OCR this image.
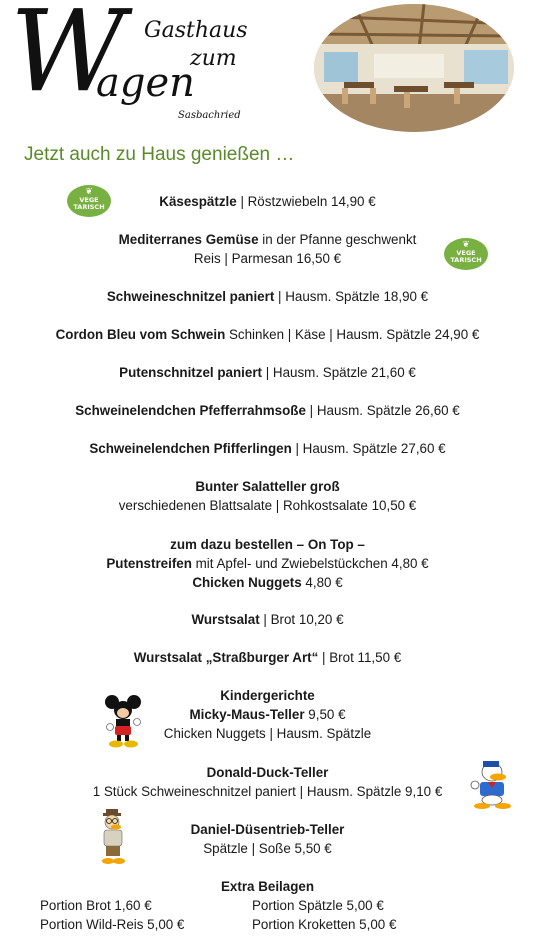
W Gasthaus
zum
agen
Sasbachried
Jetzt auch zu Haus genießen …
❦
VEGE
TARISCH
❦
VEGE
TARISCH
Käsespätzle | Röstzwiebeln 14,90 €
Mediterranes Gemüse in der Pfanne geschwenkt
Reis | Parmesan 16,50 €
Schweineschnitzel paniert | Hausm. Spätzle 18,90 €
Cordon Bleu vom Schwein Schinken | Käse | Hausm. Spätzle 24,90 €
Putenschnitzel paniert | Hausm. Spätzle 21,60 €
Schweinelendchen Pfefferrahmsoße | Hausm. Spätzle 26,60 €
Schweinelendchen Pfifferlingen | Hausm. Spätzle 27,60 €
Bunter Salatteller groß
verschiedenen Blattsalate | Rohkostsalate 10,50 €
zum dazu bestellen – On Top –
Putenstreifen mit Apfel- und Zwiebelstückchen 4,80 €
Chicken Nuggets 4,80 €
Wurstsalat | Brot 10,20 €
Wurstsalat „Straßburger Art“ | Brot 11,50 €
Kindergerichte
Micky-Maus-Teller 9,50 €
Chicken Nuggets | Hausm. Spätzle
Donald-Duck-Teller
1 Stück Schweineschnitzel paniert | Hausm. Spätzle 9,10 €
Daniel-Düsentrieb-Teller
Spätzle | Soße 5,50 €
Extra Beilagen
Portion Brot 1,60 €
Portion Wild-Reis 5,00 €
Portion Spätzle 5,00 €
Portion Kroketten 5,00 €
